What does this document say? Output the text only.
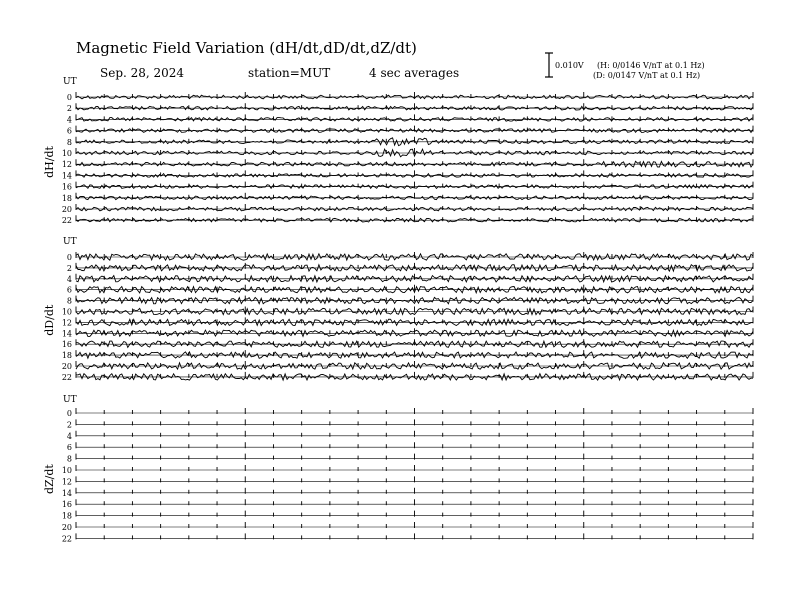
Magnetic Field Variation (dH/dt,dD/dt,dZ/dt)
Sep. 28, 2024	station=MUT	4 sec averages
0.010V (H: 0/0146 V/nT at 0.1 Hz)
(D: 0/0147 V/nT at 0.1 Hz)
UT
dH/dt
0
2
4
6
8
10
12
14
16
18
20
22
UT
dD/dt
0
2
4
6
8
10
12
14
16
18
20
22
UT
dZ/dt
0
2
4
6
8
10
12
14
16
18
20
22
